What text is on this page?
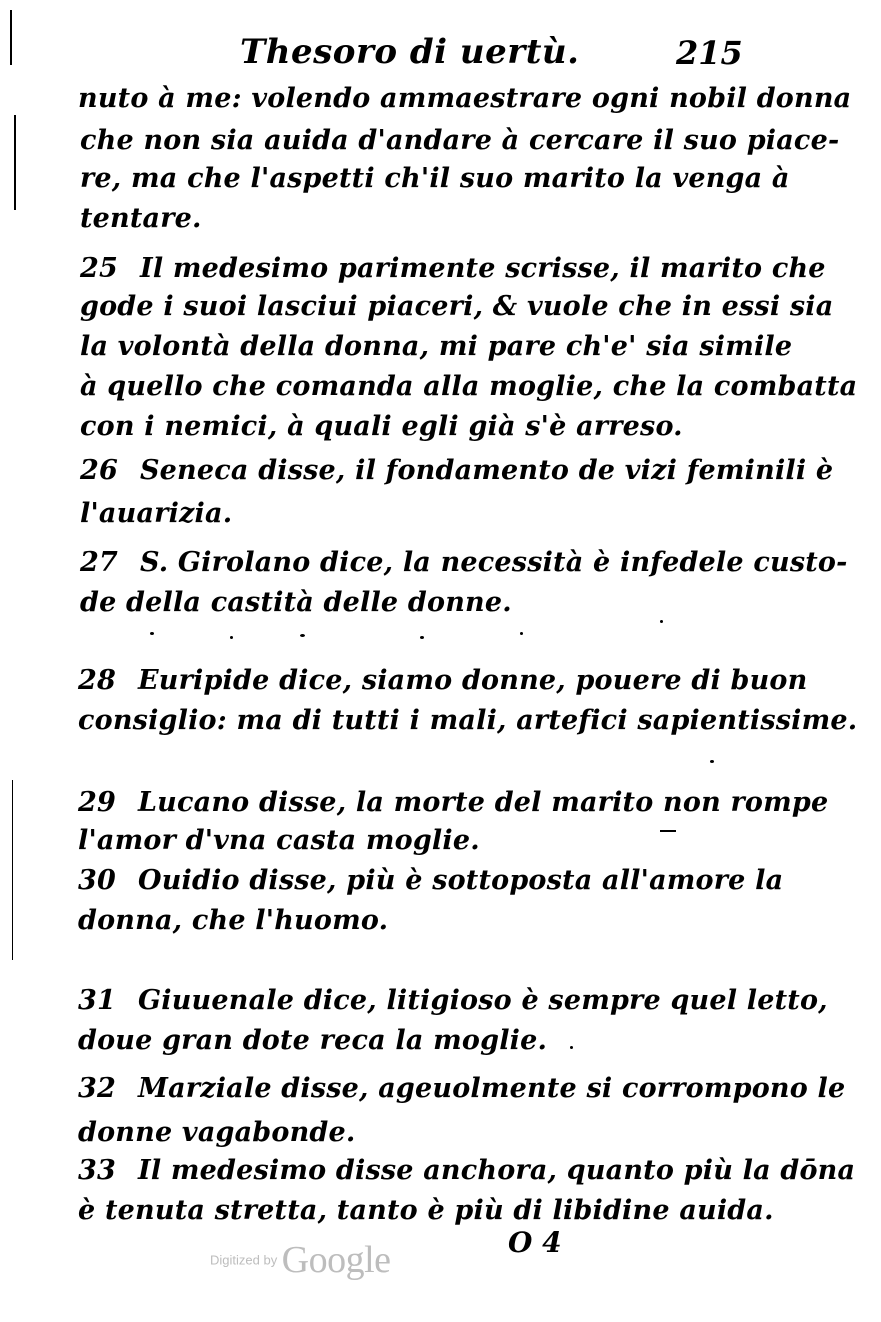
Thesoro di uertù.	215
nuto à me: volendo ammaestrare ogni nobil donna
che non sia auida d'andare à cercare il suo piace-
re, ma che l'aspetti ch'il suo marito la venga à
tentare.
25 Il medesimo parimente scrisse, il marito che
gode i suoi lasciui piaceri, & vuole che in essi sia
la volontà della donna, mi pare ch'e' sia simile
à quello che comanda alla moglie, che la combatta
con i nemici, à quali egli già s'è arreso.
26 Seneca disse, il fondamento de vizi feminili è
l'auarizia.
27 S. Girolano dice, la necessità è infedele custo-
de della castità delle donne.
28 Euripide dice, siamo donne, pouere di buon
consiglio: ma di tutti i mali, artefici sapientissime.
29 Lucano disse, la morte del marito non rompe
l'amor d'vna casta moglie.
30 Ouidio disse, più è sottoposta all'amore la
donna, che l'huomo.
31 Giuuenale dice, litigioso è sempre quel letto,
doue gran dote reca la moglie.
32 Marziale disse, ageuolmente si corrompono le
donne vagabonde.
33 Il medesimo disse anchora, quanto più la dōna
è tenuta stretta, tanto è più di libidine auida.
O 4
Digitized by Google
